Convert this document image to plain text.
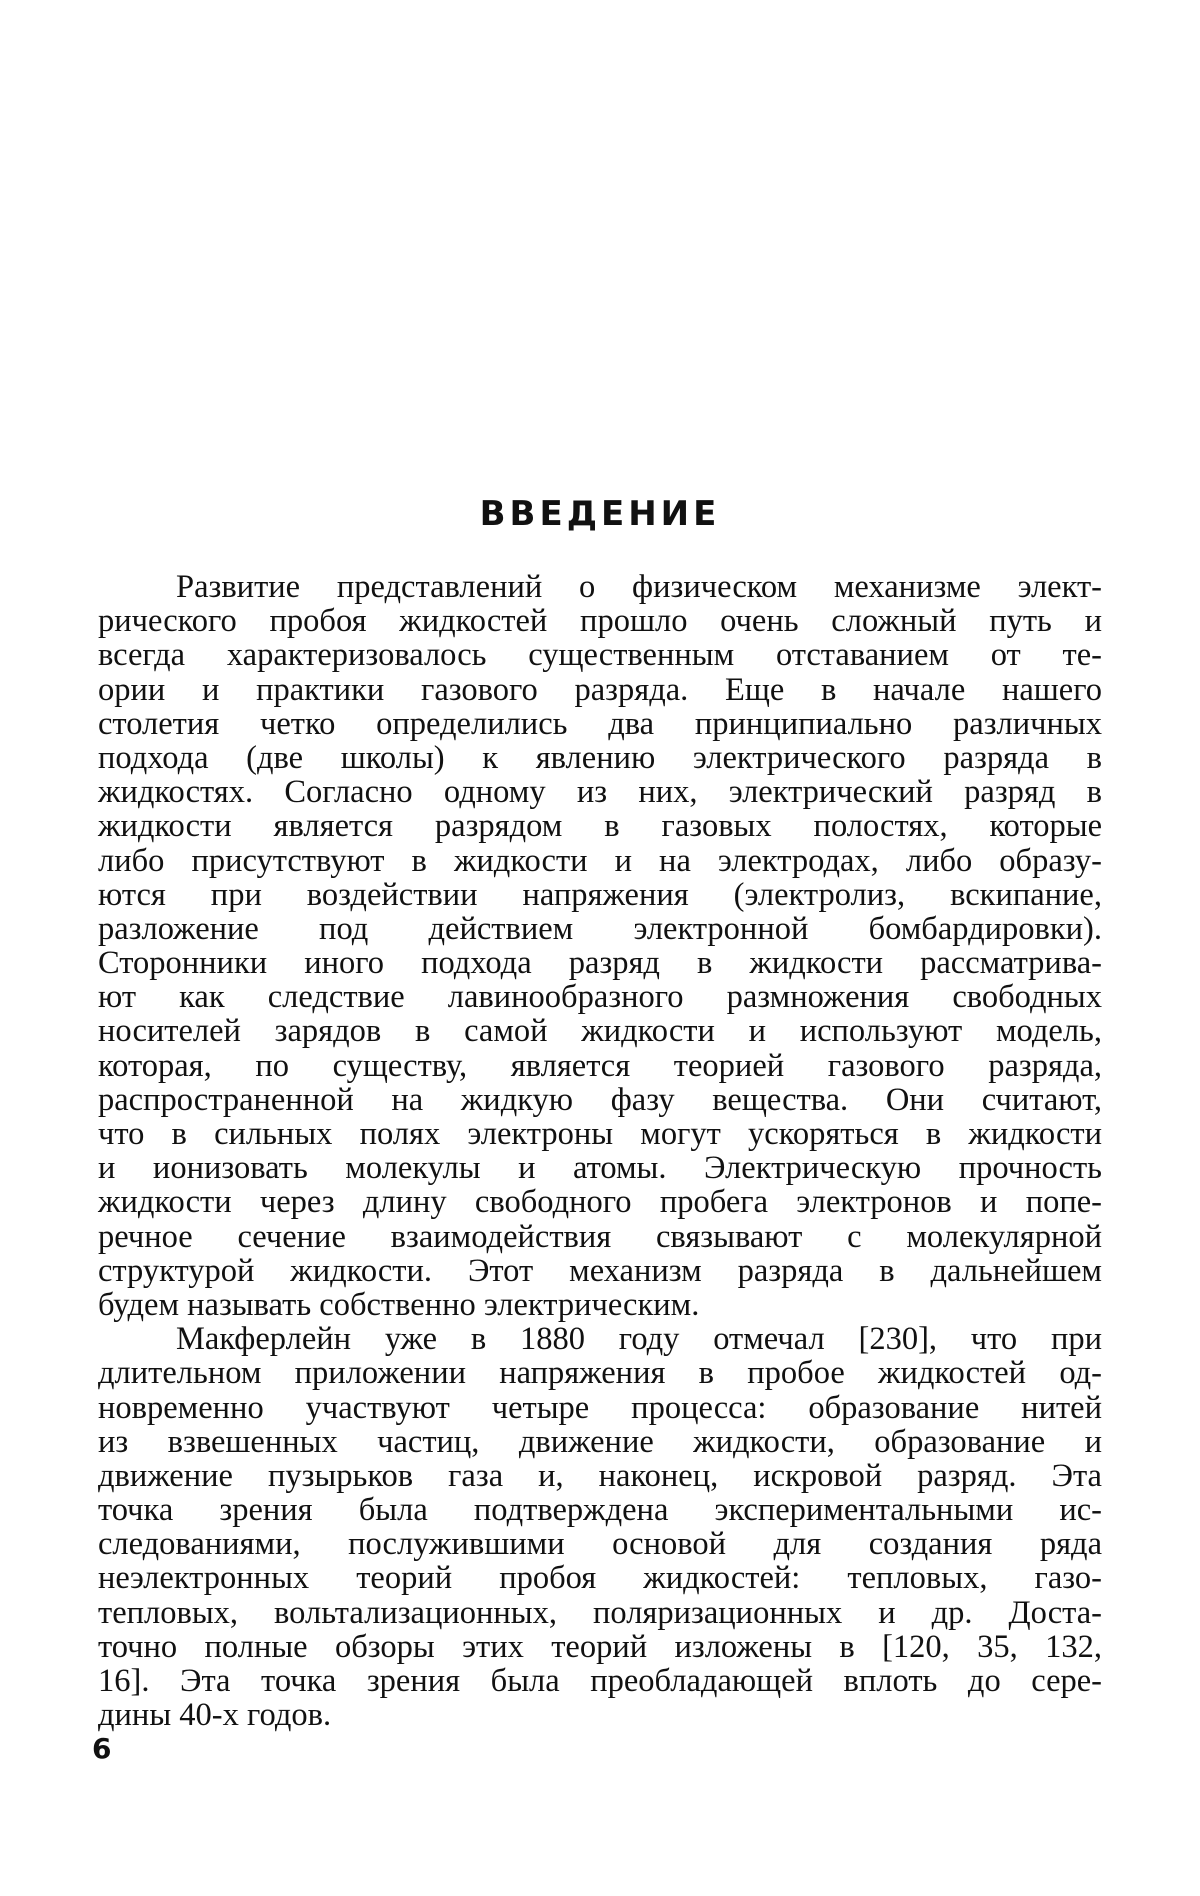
ВВЕДЕНИЕ
Развитие представлений о физическом механизме элект-
рического пробоя жидкостей прошло очень сложный путь и
всегда характеризовалось существенным отставанием от те-
ории и практики газового разряда. Еще в начале нашего
столетия четко определились два принципиально различных
подхода (две школы) к явлению электрического разряда в
жидкостях. Согласно одному из них, электрический разряд в
жидкости является разрядом в газовых полостях, которые
либо присутствуют в жидкости и на электродах, либо образу-
ются при воздействии напряжения (электролиз, вскипание,
разложение под действием электронной бомбардировки).
Сторонники иного подхода разряд в жидкости рассматрива-
ют как следствие лавинообразного размножения свободных
носителей зарядов в самой жидкости и используют модель,
которая, по существу, является теорией газового разряда,
распространенной на жидкую фазу вещества. Они считают,
что в сильных полях электроны могут ускоряться в жидкости
и ионизовать молекулы и атомы. Электрическую прочность
жидкости через длину свободного пробега электронов и попе-
речное сечение взаимодействия связывают с молекулярной
структурой жидкости. Этот механизм разряда в дальнейшем
будем называть собственно электрическим.
Макферлейн уже в 1880 году отмечал [230], что при
длительном приложении напряжения в пробое жидкостей од-
новременно участвуют четыре процесса: образование нитей
из взвешенных частиц, движение жидкости, образование и
движение пузырьков газа и, наконец, искровой разряд. Эта
точка зрения была подтверждена экспериментальными ис-
следованиями, послужившими основой для создания ряда
неэлектронных теорий пробоя жидкостей: тепловых, газо-
тепловых, вольтализационных, поляризационных и др. Доста-
точно полные обзоры этих теорий изложены в [120, 35, 132,
16]. Эта точка зрения была преобладающей вплоть до сере-
дины 40-х годов.
6
